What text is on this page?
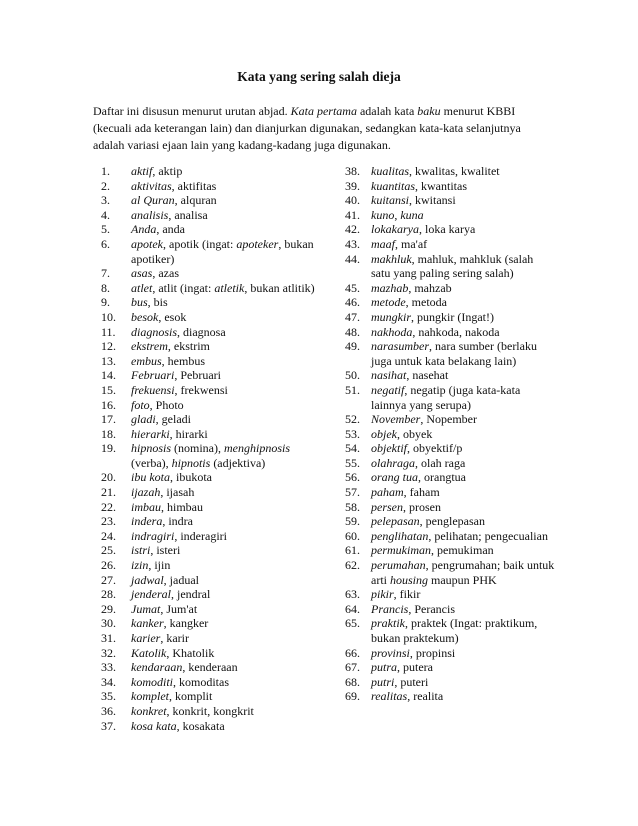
Kata yang sering salah dieja
Daftar ini disusun menurut urutan abjad. Kata pertama adalah kata baku menurut KBBI (kecuali ada keterangan lain) dan dianjurkan digunakan, sedangkan kata-kata selanjutnya adalah variasi ejaan lain yang kadang-kadang juga digunakan.
1.	aktif, aktip
2.	aktivitas, aktifitas
3.	al Quran, alquran
4.	analisis, analisa
5.	Anda, anda
6.	apotek, apotik (ingat: apoteker, bukan apotiker)
7.	asas, azas
8.	atlet, atlit (ingat: atletik, bukan atlitik)
9.	bus, bis
10.	besok, esok
11.	diagnosis, diagnosa
12.	ekstrem, ekstrim
13.	embus, hembus
14.	Februari, Pebruari
15.	frekuensi, frekwensi
16.	foto, Photo
17.	gladi, geladi
18.	hierarki, hirarki
19.	hipnosis (nomina), menghipnosis (verba), hipnotis (adjektiva)
20.	ibu kota, ibukota
21.	ijazah, ijasah
22.	imbau, himbau
23.	indera, indra
24.	indragiri, inderagiri
25.	istri, isteri
26.	izin, ijin
27.	jadwal, jadual
28.	jenderal, jendral
29.	Jumat, Jum'at
30.	kanker, kangker
31.	karier, karir
32.	Katolik, Khatolik
33.	kendaraan, kenderaan
34.	komoditi, komoditas
35.	komplet, komplit
36.	konkret, konkrit, kongkrit
37.	kosa kata, kosakata
38. kualitas, kwalitas, kwalitet
39. kuantitas, kwantitas
40. kuitansi, kwitansi
41. kuno, kuna
42. lokakarya, loka karya
43. maaf, ma'af
44. makhluk, mahluk, mahkluk (salah satu yang paling sering salah)
45. mazhab, mahzab
46. metode, metoda
47. mungkir, pungkir (Ingat!)
48. nakhoda, nahkoda, nakoda
49. narasumber, nara sumber (berlaku juga untuk kata belakang lain)
50. nasihat, nasehat
51. negatif, negatip (juga kata-kata lainnya yang serupa)
52. November, Nopember
53. objek, obyek
54. objektif, obyektif/p
55. olahraga, olah raga
56. orang tua, orangtua
57. paham, faham
58. persen, prosen
59. pelepasan, penglepasan
60. penglihatan, pelihatan; pengecualian
61. permukiman, pemukiman
62. perumahan, pengrumahan; baik untuk arti housing maupun PHK
63. pikir, fikir
64. Prancis, Perancis
65. praktik, praktek (Ingat: praktikum, bukan praktekum)
66. provinsi, propinsi
67. putra, putera
68. putri, puteri
69. realitas, realita
